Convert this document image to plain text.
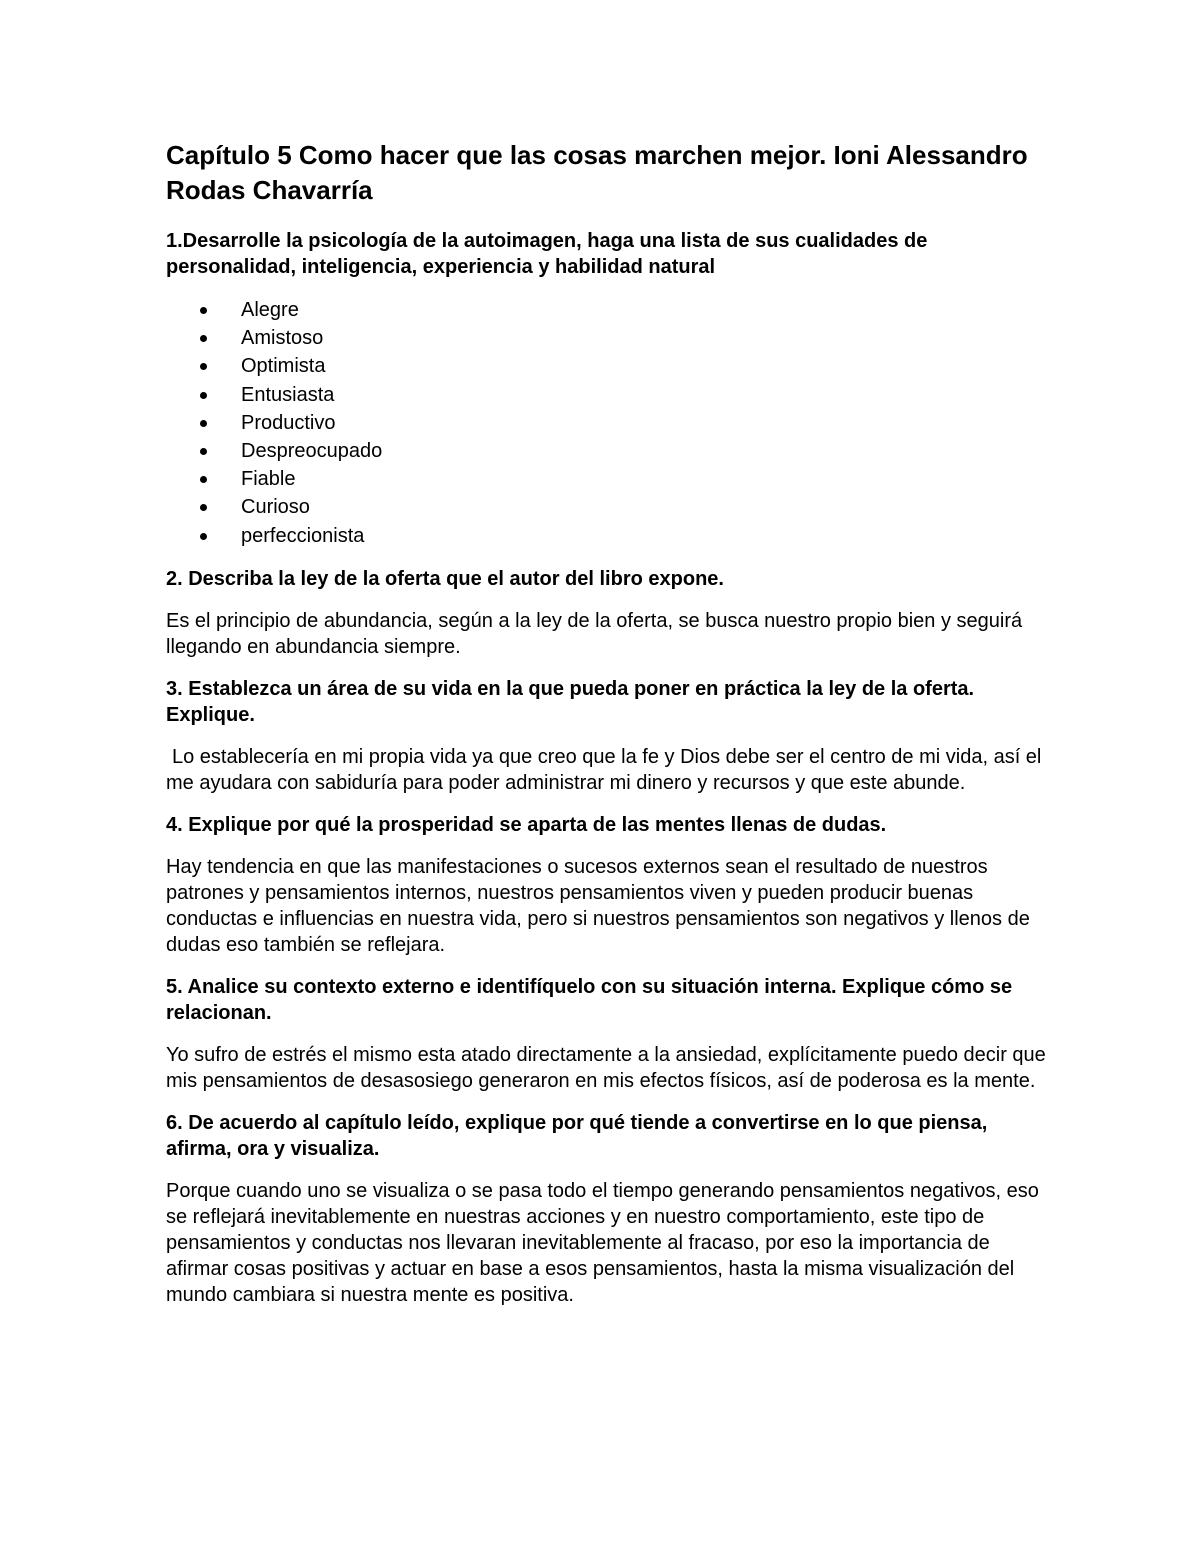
Capítulo 5 Como hacer que las cosas marchen mejor. Ioni Alessandro Rodas Chavarría

1.Desarrolle la psicología de la autoimagen, haga una lista de sus cualidades de personalidad, inteligencia, experiencia y habilidad natural

Alegre
Amistoso
Optimista
Entusiasta
Productivo
Despreocupado
Fiable
Curioso
perfeccionista

2. Describa la ley de la oferta que el autor del libro expone.

Es el principio de abundancia, según a la ley de la oferta, se busca nuestro propio bien y seguirá llegando en abundancia siempre.

3. Establezca un área de su vida en la que pueda poner en práctica la ley de la oferta. Explique.

Lo establecería en mi propia vida ya que creo que la fe y Dios debe ser el centro de mi vida, así el me ayudara con sabiduría para poder administrar mi dinero y recursos y que este abunde.

4. Explique por qué la prosperidad se aparta de las mentes llenas de dudas.

Hay tendencia en que las manifestaciones o sucesos externos sean el resultado de nuestros patrones y pensamientos internos, nuestros pensamientos viven y pueden producir buenas conductas e influencias en nuestra vida, pero si nuestros pensamientos son negativos y llenos de dudas eso también se reflejara.

5. Analice su contexto externo e identifíquelo con su situación interna. Explique cómo se relacionan.

Yo sufro de estrés el mismo esta atado directamente a la ansiedad, explícitamente puedo decir que mis pensamientos de desasosiego generaron en mis efectos físicos, así de poderosa es la mente.

6. De acuerdo al capítulo leído, explique por qué tiende a convertirse en lo que piensa, afirma, ora y visualiza.

Porque cuando uno se visualiza o se pasa todo el tiempo generando pensamientos negativos, eso se reflejará inevitablemente en nuestras acciones y en nuestro comportamiento, este tipo de pensamientos y conductas nos llevaran inevitablemente al fracaso, por eso la importancia de afirmar cosas positivas y actuar en base a esos pensamientos, hasta la misma visualización del mundo cambiara si nuestra mente es positiva.
